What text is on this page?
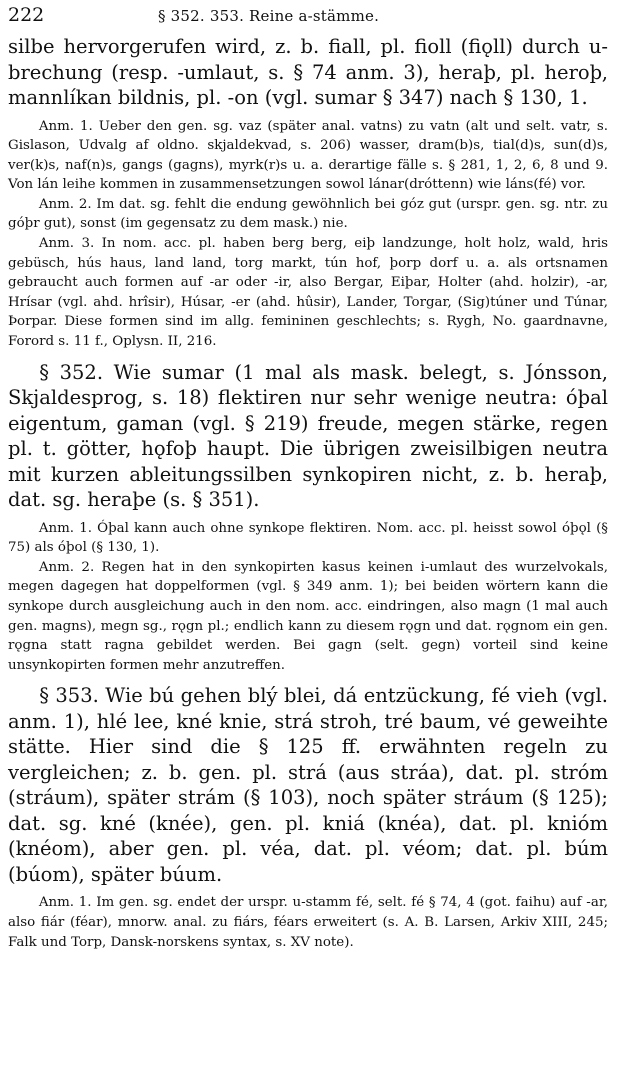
222	§ 352. 353. Reine a-stämme.

silbe hervorgerufen wird, z. b. fiall, pl. fioll (fiǫll) durch u-brechung (resp. -umlaut, s. § 74 anm. 3), heraþ, pl. heroþ, mannlíkan bildnis, pl. -on (vgl. sumar § 347) nach § 130, 1.

Anm. 1. Ueber den gen. sg. vaz (später anal. vatns) zu vatn (alt und selt. vatr, s. Gislason, Udvalg af oldno. skjaldekvad, s. 206) wasser, dram(b)s, tial(d)s, sun(d)s, ver(k)s, naf(n)s, gangs (gagns), myrk(r)s u. a. derartige fälle s. § 281, 1, 2, 6, 8 und 9. Von lán leihe kommen in zusammensetzungen sowol lánar(dróttenn) wie láns(fé) vor.

Anm. 2. Im dat. sg. fehlt die endung gewöhnlich bei góz gut (urspr. gen. sg. ntr. zu góþr gut), sonst (im gegensatz zu dem mask.) nie.

Anm. 3. In nom. acc. pl. haben berg berg, eiþ landzunge, holt holz, wald, hris gebüsch, hús haus, land land, torg markt, tún hof, þorp dorf u. a. als ortsnamen gebraucht auch formen auf -ar oder -ir, also Bergar, Eiþar, Holter (ahd. holzir), -ar, Hrísar (vgl. ahd. hrîsir), Húsar, -er (ahd. hûsir), Lander, Torgar, (Sig)túner und Túnar, Þorpar. Diese formen sind im allg. femininen geschlechts; s. Rygh, No. gaardnavne, Forord s. 11 f., Oplysn. II, 216.

§ 352. Wie sumar (1 mal als mask. belegt, s. Jónsson, Skjaldesprog, s. 18) flektiren nur sehr wenige neutra: óþal eigentum, gaman (vgl. § 219) freude, megen stärke, regen pl. t. götter, hǫfoþ haupt. Die übrigen zweisilbigen neutra mit kurzen ableitungssilben synkopiren nicht, z. b. heraþ, dat. sg. heraþe (s. § 351).

Anm. 1. Óþal kann auch ohne synkope flektiren. Nom. acc. pl. heisst sowol óþǫl (§ 75) als óþol (§ 130, 1).

Anm. 2. Regen hat in den synkopirten kasus keinen i-umlaut des wurzelvokals, megen dagegen hat doppelformen (vgl. § 349 anm. 1); bei beiden wörtern kann die synkope durch ausgleichung auch in den nom. acc. eindringen, also magn (1 mal auch gen. magns), megn sg., rǫgn pl.; endlich kann zu diesem rǫgn und dat. rǫgnom ein gen. rǫgna statt ragna gebildet werden. Bei gagn (selt. gegn) vorteil sind keine unsynkopirten formen mehr anzutreffen.

§ 353. Wie bú gehen blý blei, dá entzückung, fé vieh (vgl. anm. 1), hlé lee, kné knie, strá stroh, tré baum, vé geweihte stätte. Hier sind die § 125 ff. erwähnten regeln zu vergleichen; z. b. gen. pl. strá (aus stráa), dat. pl. stróm (stráum), später strám (§ 103), noch später stráum (§ 125); dat. sg. kné (knée), gen. pl. kniá (knéa), dat. pl. knióm (knéom), aber gen. pl. véa, dat. pl. véom; dat. pl. búm (búom), später búum.

Anm. 1. Im gen. sg. endet der urspr. u-stamm fé, selt. fé § 74, 4 (got. faihu) auf -ar, also fiár (féar), mnorw. anal. zu fiárs, féars erweitert (s. A. B. Larsen, Arkiv XIII, 245; Falk und Torp, Dansk-norskens syntax, s. XV note).
